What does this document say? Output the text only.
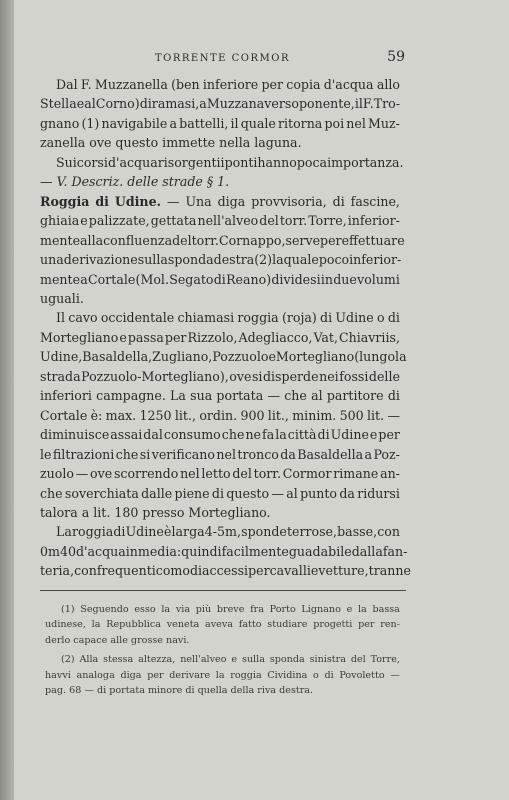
TORRENTE CORMOR	59
Dal F. Muzzanella (ben inferiore per copia d'acqua allo
Stella e al Corno) diramasi, a Muzzana verso ponente, il F. Tro-
gnano (1) navigabile a battelli, il quale ritorna poi nel Muz-
zanella ove questo immette nella laguna.
Sui corsi d'acqua risorgenti i ponti hanno poca importanza.
— V. Descriz. delle strade § 1.
Roggia di Udine. — Una diga provvisoria, di fascine,
ghiaia e palizzate, gettata nell'alveo del torr. Torre, inferior-
mente alla confluenza del torr. Cornappo, serve per effettuare
una derivazione sulla sponda destra (2) la quale poco inferior-
mente a Cortale (Mol. Segato di Reano) dividesi in due volumi
uguali.
Il cavo occidentale chiamasi roggia (roja) di Udine o di
Mortegliano e passa per Rizzolo, Adegliacco, Vat, Chiavriis,
Udine, Basaldella, Zugliano, Pozzuolo e Mortegliano (lungo la
strada Pozzuolo-Mortegliano), ove si disperde nei fossi delle
inferiori campagne. La sua portata — che al partitore di
Cortale è: max. 1250 lit., ordin. 900 lit., minim. 500 lit. —
diminuisce assai dal consumo che ne fa la città di Udine e per
le filtrazioni che si verificano nel tronco da Basaldella a Poz-
zuolo — ove scorrendo nel letto del torr. Cormor rimane an-
che soverchiata dalle piene di questo — al punto da ridursi
talora a lit. 180 presso Mortegliano.
La roggia di Udine è larga 4-5m, sponde terrose, basse, con
0m40 d'acqua in media: quindi facilmente guadabile dalla fan-
teria, con frequenti comodi accessi per cavalli e vetture, tranne
(1) Seguendo esso la via più breve fra Porto Lignano e la bassa
udinese, la Repubblica veneta aveva fatto studiare progetti per ren-
derlo capace alle grosse navi.
(2) Alla stessa altezza, nell'alveo e sulla sponda sinistra del Torre,
havvi analoga diga per derivare la roggia Cividina o di Povoletto —
pag. 68 — di portata minore di quella della riva destra.
